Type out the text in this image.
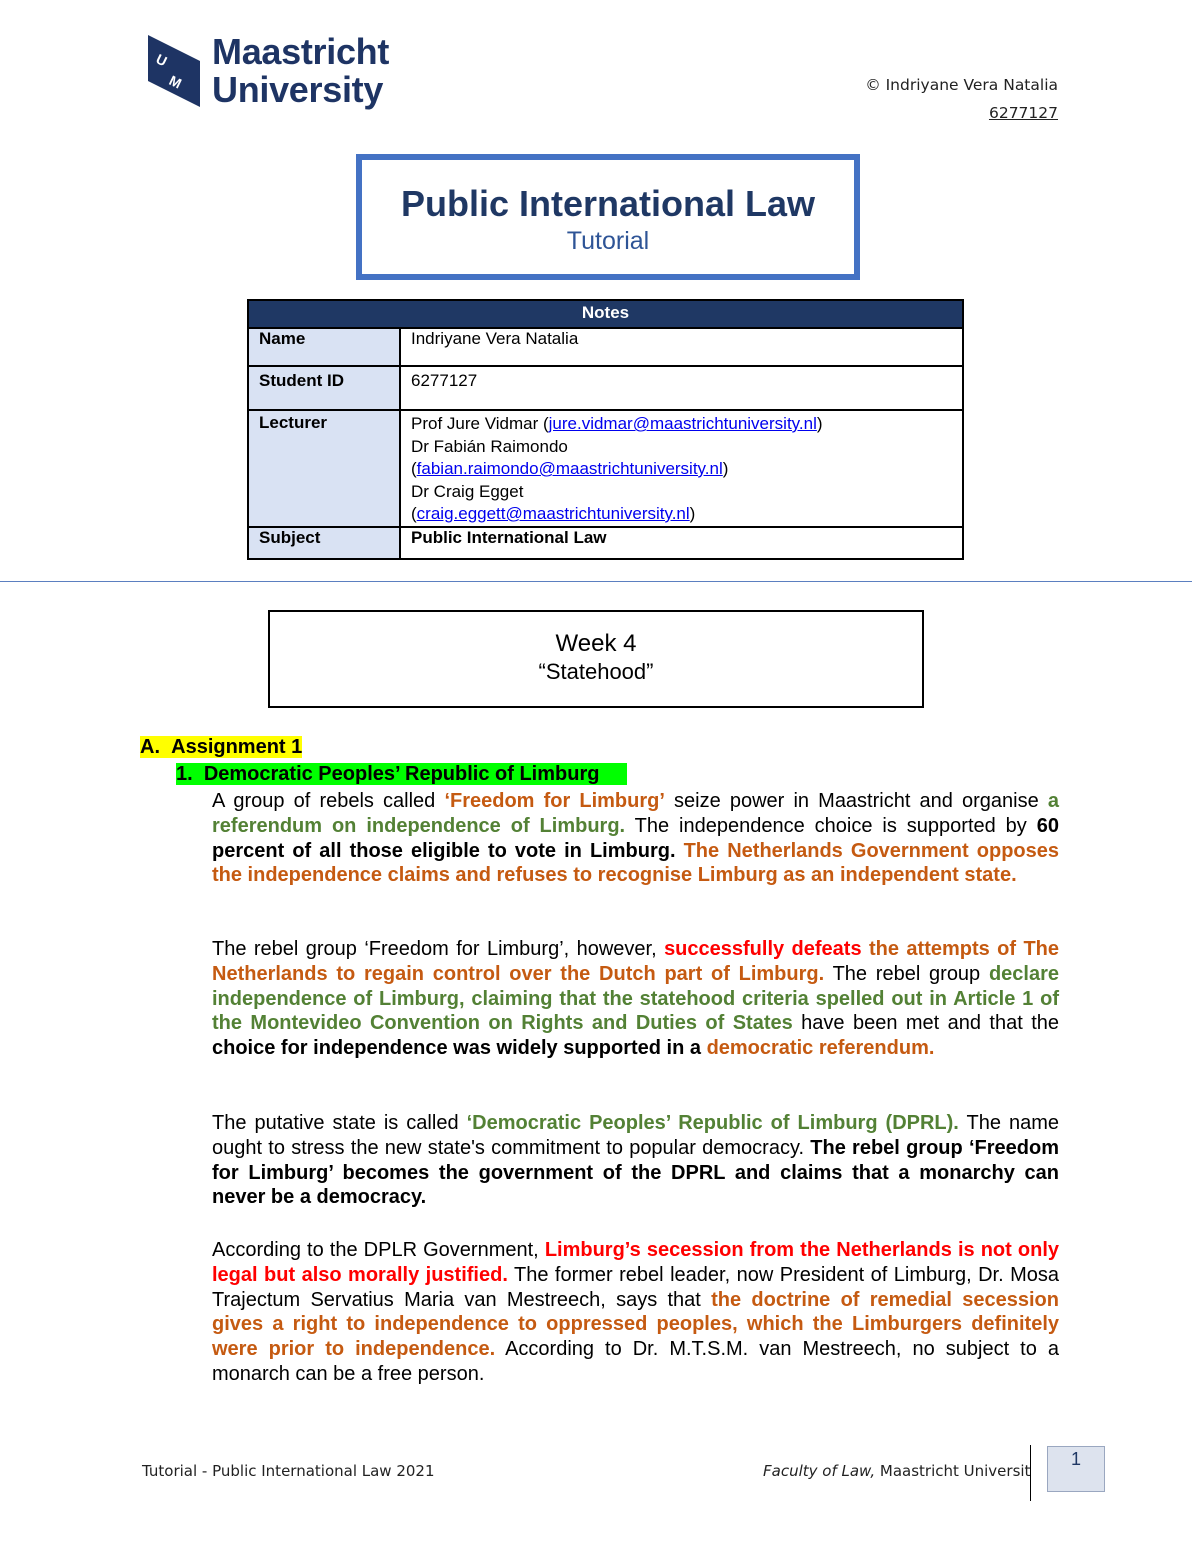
U
M
Maastricht
University	© Indriyane Vera Natalia
6277127
Public International Law
Tutorial
Notes	
Name	Indriyane Vera Natalia
Student ID	6277127
Lecturer	Prof Jure Vidmar (jure.vidmar@maastrichtuniversity.nl)
Dr Fabián Raimondo
(fabian.raimondo@maastrichtuniversity.nl)
Dr Craig Egget
(craig.eggett@maastrichtuniversity.nl)

Subject	Public International Law
Week 4
“Statehood”
A. Assignment 1
1. Democratic Peoples’ Republic of Limburg
A group of rebels called ‘Freedom for Limburg’ seize power in Maastricht and organise a referendum on independence of Limburg. The independence choice is supported by 60 percent of all those eligible to vote in Limburg. The Netherlands Government opposes the independence claims and refuses to recognise Limburg as an independent state.
The rebel group ‘Freedom for Limburg’, however, successfully defeats the attempts of The Netherlands to regain control over the Dutch part of Limburg. The rebel group declare independence of Limburg, claiming that the statehood criteria spelled out in Article 1 of the Montevideo Convention on Rights and Duties of States have been met and that the choice for independence was widely supported in a democratic referendum.
The putative state is called ‘Democratic Peoples’ Republic of Limburg (DPRL). The name ought to stress the new state's commitment to popular democracy. The rebel group ‘Freedom for Limburg’ becomes the government of the DPRL and claims that a monarchy can never be a democracy.
According to the DPLR Government, Limburg’s secession from the Netherlands is not only legal but also morally justified. The former rebel leader, now President of Limburg, Dr. Mosa Trajectum Servatius Maria van Mestreech, says that the doctrine of remedial secession gives a right to independence to oppressed peoples, which the Limburgers definitely were prior to independence. According to Dr. M.T.S.M. van Mestreech, no subject to a monarch can be a free person.
Tutorial - Public International Law 2021	Faculty of Law, Maastricht Universit
1
